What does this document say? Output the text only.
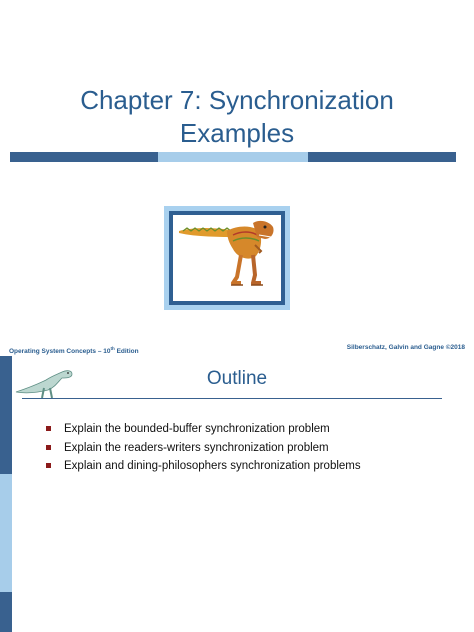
Chapter 7: Synchronization
Examples
Operating System Concepts – 10th Edition
Silberschatz, Galvin and Gagne ©2018
Outline
Explain the bounded-buffer synchronization problem
Explain the readers-writers synchronization problem
Explain and dining-philosophers synchronization problems
